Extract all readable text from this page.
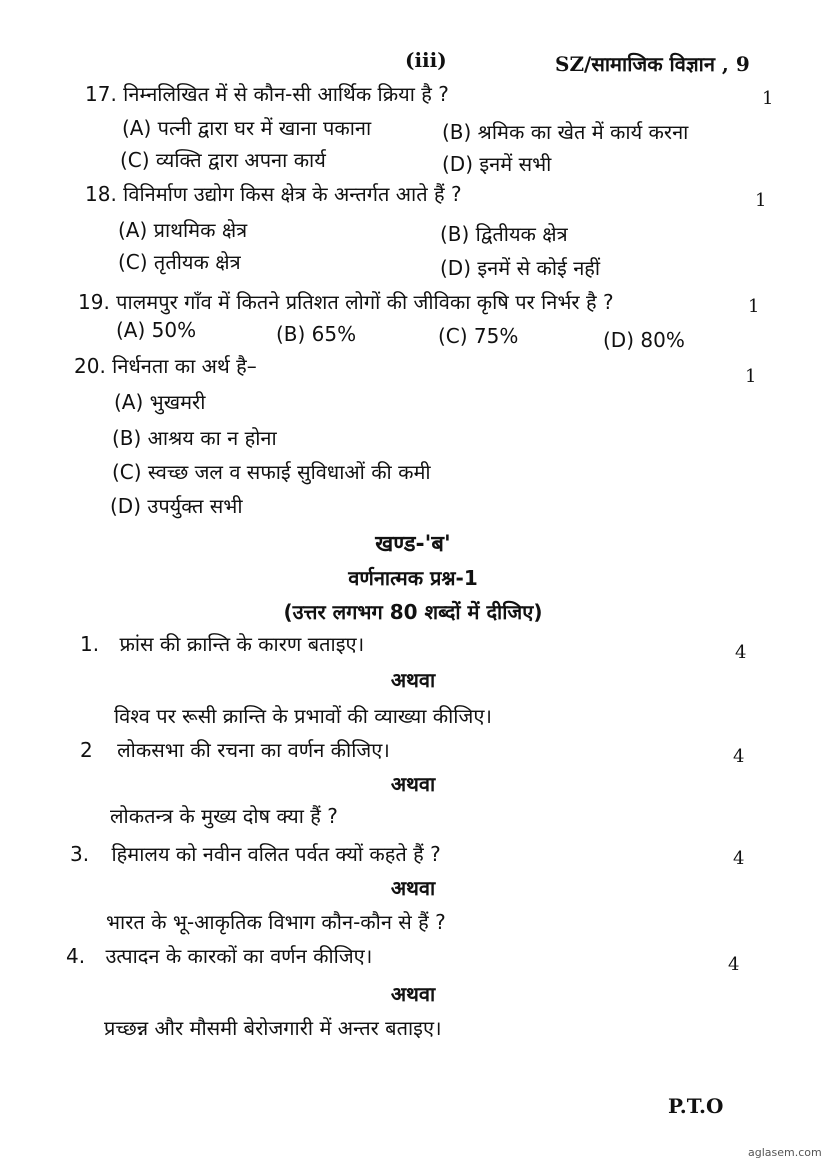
(iii)	SZ/सामाजिक विज्ञान , 9
17. निम्नलिखित में से कौन-सी आर्थिक क्रिया है ?	1
(A) पत्नी द्वारा घर में खाना पकाना	(B) श्रमिक का खेत में कार्य करना
(C) व्यक्ति द्वारा अपना कार्य	(D) इनमें सभी
18. विनिर्माण उद्योग किस क्षेत्र के अन्तर्गत आते हैं ?	1
(A) प्राथमिक क्षेत्र	(B) द्वितीयक क्षेत्र
(C) तृतीयक क्षेत्र	(D) इनमें से कोई नहीं
19. पालमपुर गाँव में कितने प्रतिशत लोगों की जीविका कृषि पर निर्भर है ?	1
(A) 50%	(B) 65%	(C) 75%	(D) 80%
20. निर्धनता का अर्थ है–	1
(A) भुखमरी
(B) आश्रय का न होना
(C) स्वच्छ जल व सफाई सुविधाओं की कमी
(D) उपर्युक्त सभी
खण्ड-'ब'
वर्णनात्मक प्रश्न-1
(उत्तर लगभग 80 शब्दों में दीजिए)
1. फ्रांस की क्रान्ति के कारण बताइए।	4
अथवा
विश्व पर रूसी क्रान्ति के प्रभावों की व्याख्या कीजिए।
2 लोकसभा की रचना का वर्णन कीजिए।	4
अथवा
लोकतन्त्र के मुख्य दोष क्या हैं ?
3. हिमालय को नवीन वलित पर्वत क्यों कहते हैं ?	4
अथवा
भारत के भू-आकृतिक विभाग कौन-कौन से हैं ?
4. उत्पादन के कारकों का वर्णन कीजिए।	4
अथवा
प्रच्छन्न और मौसमी बेरोजगारी में अन्तर बताइए।
P.T.O
aglasem.com
